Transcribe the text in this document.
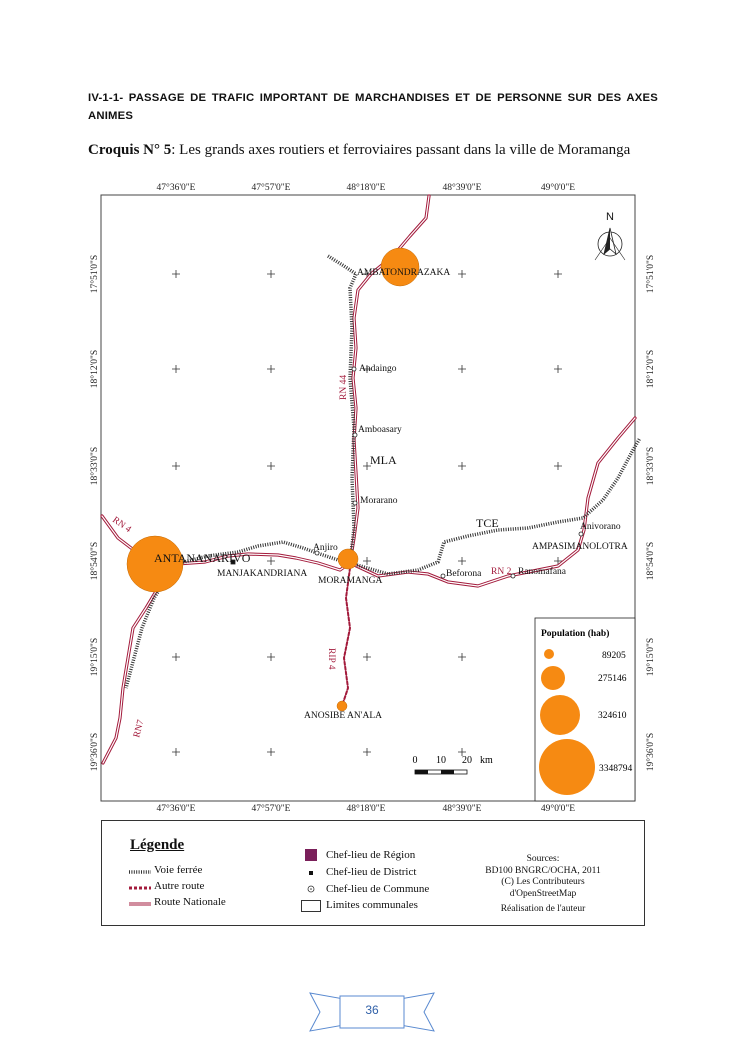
IV-1-1- PASSAGE DE TRAFIC IMPORTANT DE MARCHANDISES ET DE PERSONNE SUR DES AXES ANIMES
Croquis N° 5: Les grands axes routiers et ferroviaires passant dans la ville de Moramanga
47°36'0"E	47°57'0"E	48°18'0"E	48°39'0"E	49°0'0"E
47°36'0"E	47°57'0"E	48°18'0"E	48°39'0"E	49°0'0"E
17°51'0"S
18°12'0"S
18°33'0"S
18°54'0"S
19°15'0"S
19°36'0"S
17°51'0"S
18°12'0"S
18°33'0"S
18°54'0"S
19°15'0"S
19°36'0"S
AMBATONDRAZAKA
Andaingo
Amboasary
MLA
Morarano
TCE	Anivorano
AMPASIMANOLOTRA
ANTANANARIVO
MANJAKANDRIANA
Anjiro
MORAMANGA
Beforona	Ranomafana
ANOSIBE AN'ALA
RN 44
RN 4
RN 2
RIP 4
RN7
N
0 10 20 km
Population (hab)
89205
275146
324610
3348794
Légende
Voie ferrée
Autre route
Route Nationale
Chef-lieu de Région
Chef-lieu de District
Chef-lieu de Commune
Limites communales
Sources:
BD100 BNGRC/OCHA, 2011
(C) Les Contributeurs d'OpenStreetMap
Réalisation de l'auteur
36
